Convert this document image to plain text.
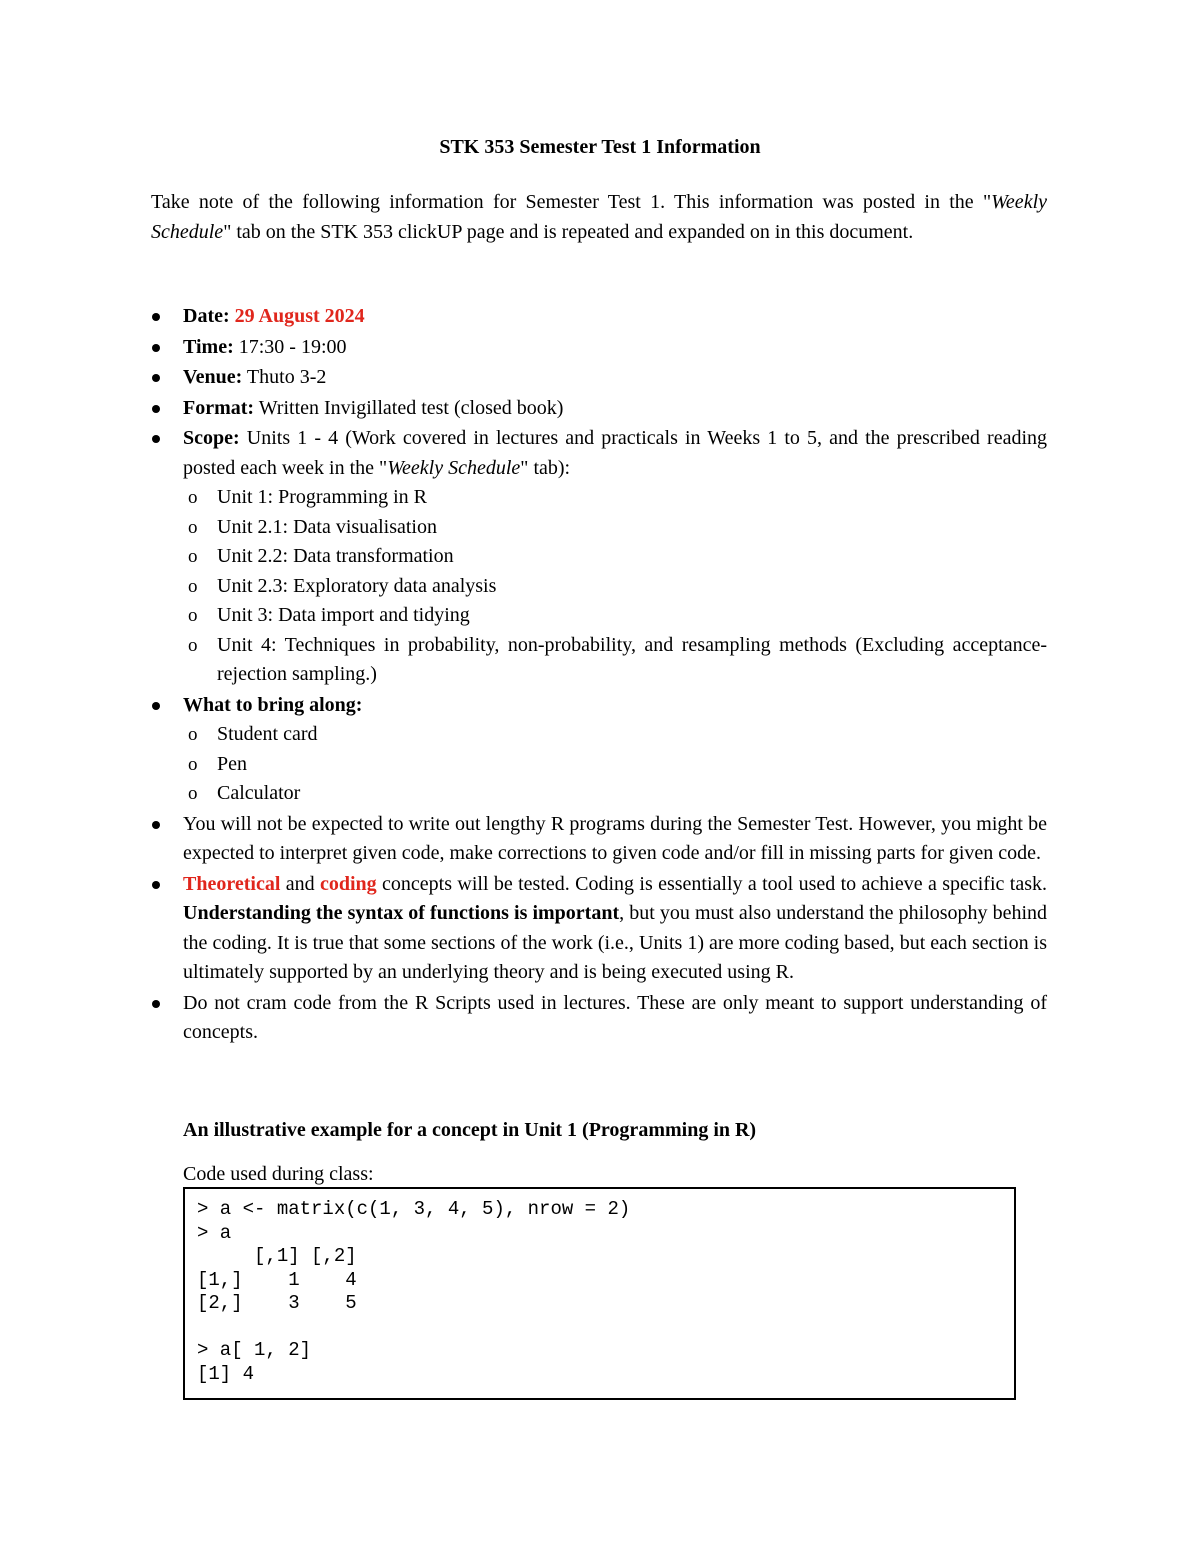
STK 353 Semester Test 1 Information

Take note of the following information for Semester Test 1. This information was posted in the "Weekly Schedule" tab on the STK 353 clickUP page and is repeated and expanded on in this document.

Date: 29 August 2024
Time: 17:30 - 19:00
Venue: Thuto 3-2
Format: Written Invigillated test (closed book)
Scope: Units 1 - 4 (Work covered in lectures and practicals in Weeks 1 to 5, and the prescribed reading posted each week in the "Weekly Schedule" tab):
o Unit 1: Programming in R
o Unit 2.1: Data visualisation
o Unit 2.2: Data transformation
o Unit 2.3: Exploratory data analysis
o Unit 3: Data import and tidying
o Unit 4: Techniques in probability, non-probability, and resampling methods (Excluding acceptance-rejection sampling.)
What to bring along:
o Student card
o Pen
o Calculator
You will not be expected to write out lengthy R programs during the Semester Test. However, you might be expected to interpret given code, make corrections to given code and/or fill in missing parts for given code.
Theoretical and coding concepts will be tested. Coding is essentially a tool used to achieve a specific task. Understanding the syntax of functions is important, but you must also understand the philosophy behind the coding. It is true that some sections of the work (i.e., Units 1) are more coding based, but each section is ultimately supported by an underlying theory and is being executed using R.
Do not cram code from the R Scripts used in lectures. These are only meant to support understanding of concepts.
An illustrative example for a concept in Unit 1 (Programming in R)
Code used during class:
> a <- matrix(c(1, 3, 4, 5), nrow = 2)
> a
[,1] [,2]
[1,]    1    4
[2,]    3    5

> a[ 1, 2]
[1] 4
